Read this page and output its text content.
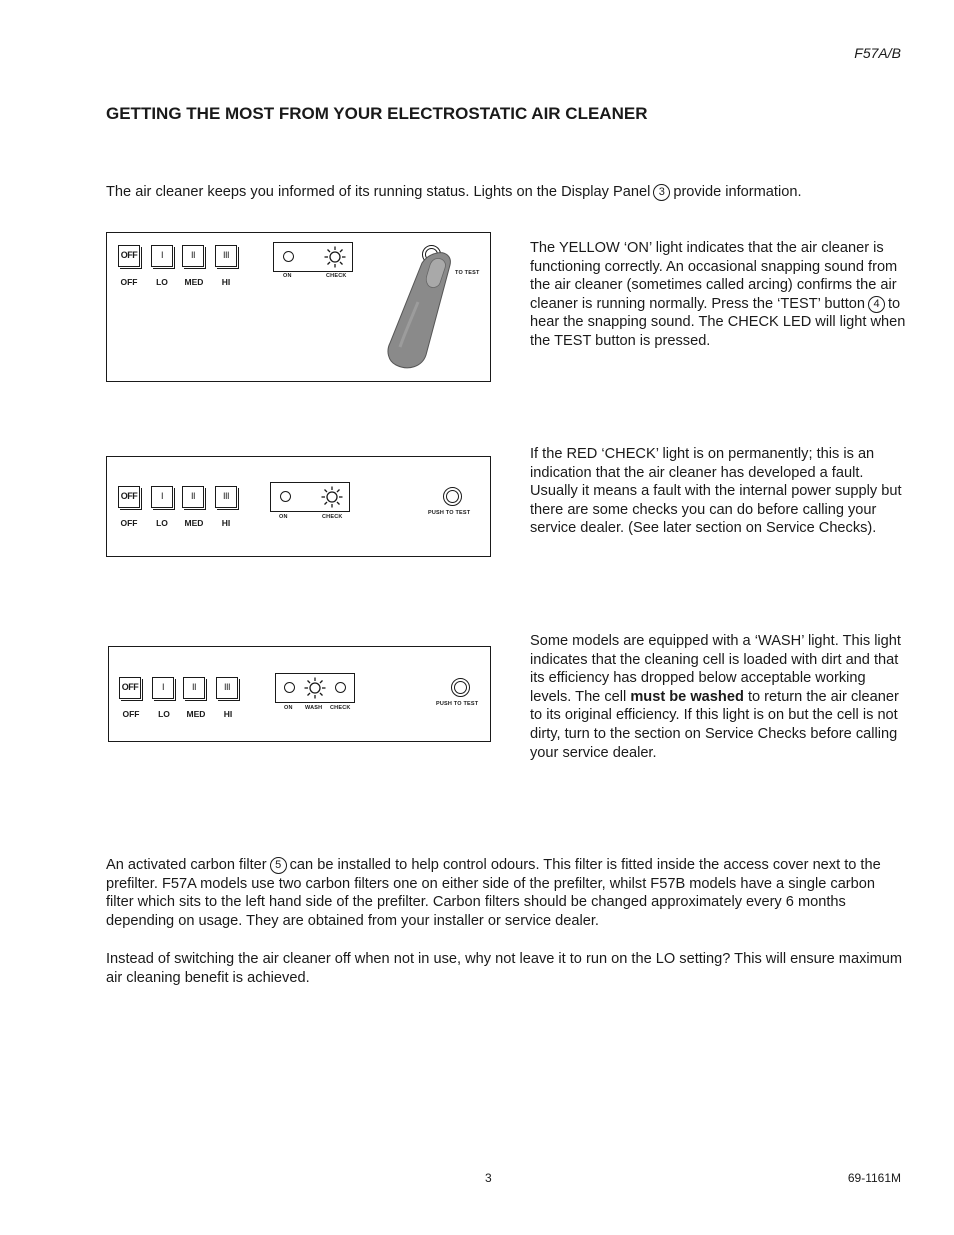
F57A/B
GETTING THE MOST FROM YOUR ELECTROSTATIC AIR CLEANER

The air cleaner keeps you informed of its running status. Lights on the Display Panel 3 provide information.

OFF	I	II	III
OFF	LO	MED	HI
ON	CHECK	TO TEST

The YELLOW ‘ON’ light indicates that the air cleaner is functioning correctly. An occasional snapping sound from the air cleaner (sometimes called arcing) confirms the air cleaner is running normally. Press the ‘TEST’ button 4 to hear the snapping sound. The CHECK LED will light when the TEST button is pressed.

OFF	I	II	III
OFF	LO	MED	HI
ON	CHECK
PUSH TO TEST

If the RED ‘CHECK’ light is on permanently; this is an indication that the air cleaner has developed a fault. Usually it means a fault with the internal power supply but there are some checks you can do before calling your service dealer. (See later section on Service Checks).

OFF	I	II	III
OFF	LO	MED	HI
ON WASH CHECK
PUSH TO TEST

Some models are equipped with a ‘WASH’ light. This light indicates that the cleaning cell is loaded with dirt and that its efficiency has dropped below acceptable working levels. The cell must be washed to return the air cleaner to its original efficiency. If this light is on but the cell is not dirty, turn to the section on Service Checks before calling your service dealer.

An activated carbon filter 5 can be installed to help control odours. This filter is fitted inside the access cover next to the prefilter. F57A models use two carbon filters one on either side of the prefilter, whilst F57B models have a single carbon filter which sits to the left hand side of the prefilter. Carbon filters should be changed approximately every 6 months depending on usage. They are obtained from your installer or service dealer.

Instead of switching the air cleaner off when not in use, why not leave it to run on the LO setting? This will ensure maximum air cleaning benefit is achieved.

3	69-1161M
